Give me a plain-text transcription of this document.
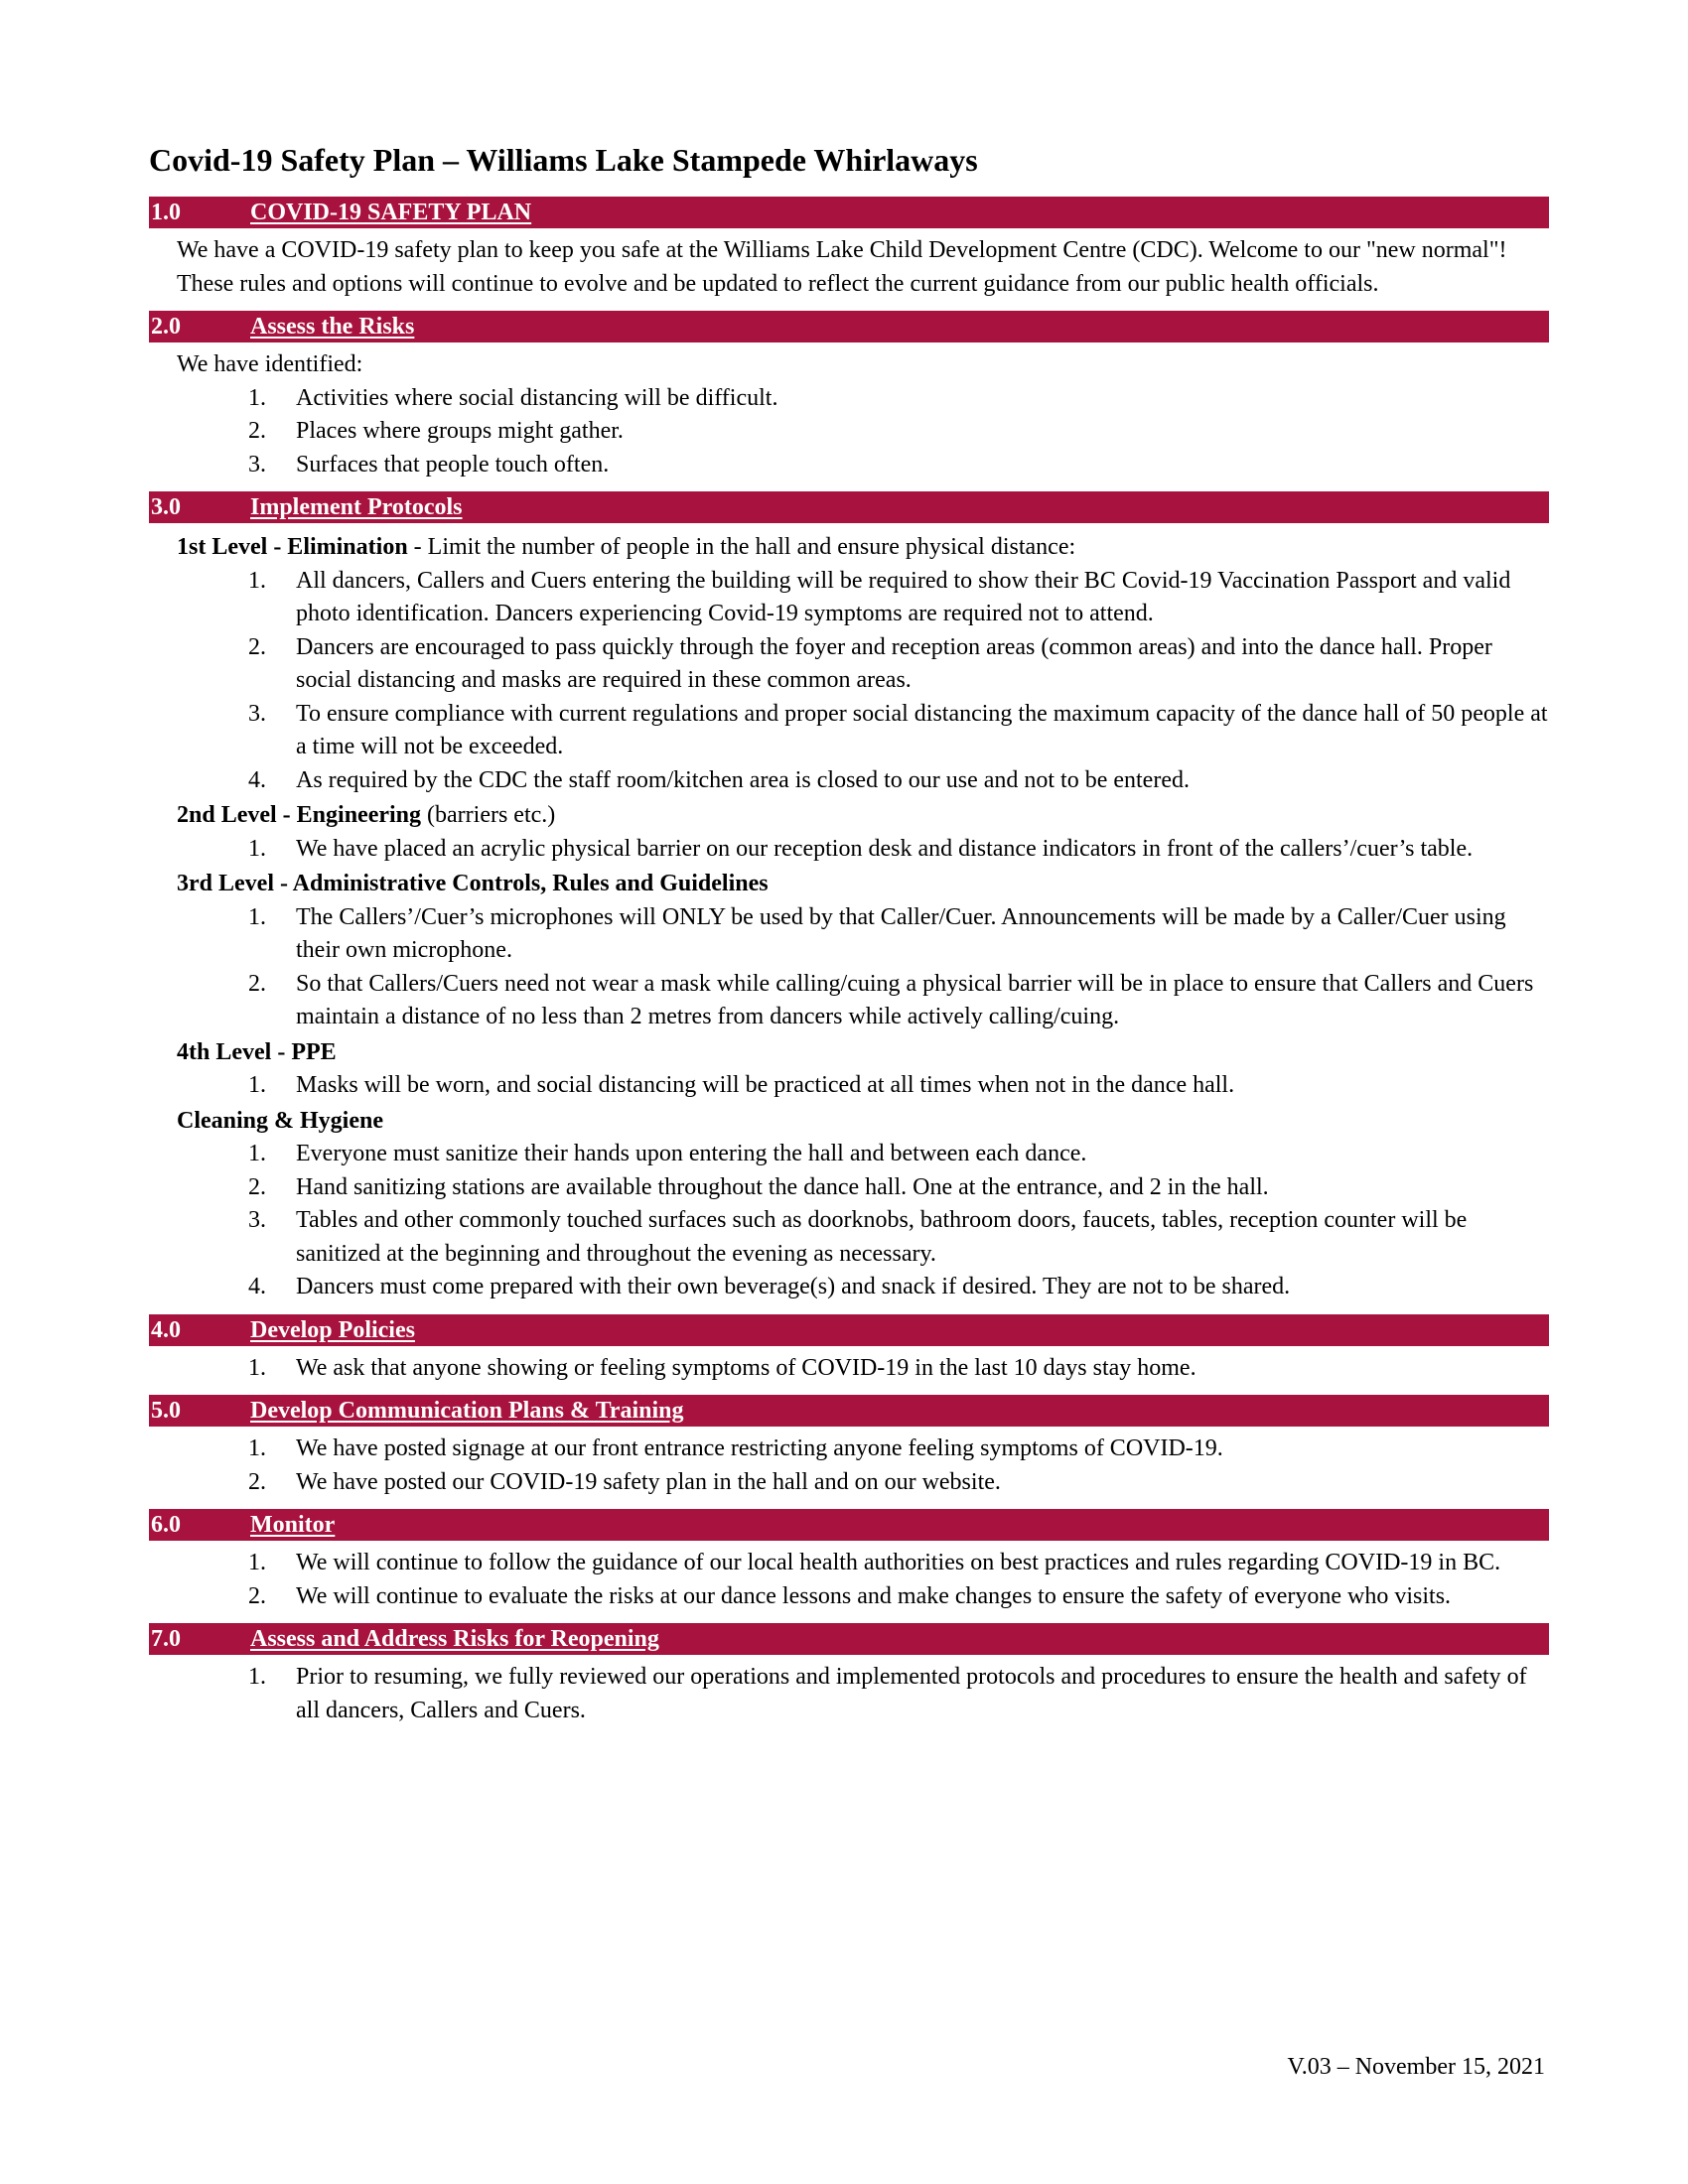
Covid-19 Safety Plan – Williams Lake Stampede Whirlaways
1.0	COVID-19 SAFETY PLAN

We have a COVID-19 safety plan to keep you safe at the Williams Lake Child Development Centre (CDC). Welcome to our "new normal"! These rules and options will continue to evolve and be updated to reflect the current guidance from our public health officials.

2.0	Assess the Risks

We have identified:

1. Activities where social distancing will be difficult.
2. Places where groups might gather.
3. Surfaces that people touch often.
3.0	Implement Protocols
1st Level - Elimination - Limit the number of people in the hall and ensure physical distance:
1. All dancers, Callers and Cuers entering the building will be required to show their BC Covid-19 Vaccination Passport and valid photo identification. Dancers experiencing Covid-19 symptoms are required not to attend.
2. Dancers are encouraged to pass quickly through the foyer and reception areas (common areas) and into the dance hall. Proper social distancing and masks are required in these common areas.
3. To ensure compliance with current regulations and proper social distancing the maximum capacity of the dance hall of 50 people at a time will not be exceeded.
4. As required by the CDC the staff room/kitchen area is closed to our use and not to be entered.
2nd Level - Engineering (barriers etc.)
1. We have placed an acrylic physical barrier on our reception desk and distance indicators in front of the callers’/cuer’s table.
3rd Level - Administrative Controls, Rules and Guidelines
1. The Callers’/Cuer’s microphones will ONLY be used by that Caller/Cuer. Announcements will be made by a Caller/Cuer using their own microphone.
2. So that Callers/Cuers need not wear a mask while calling/cuing a physical barrier will be in place to ensure that Callers and Cuers maintain a distance of no less than 2 metres from dancers while actively calling/cuing.
4th Level - PPE
1. Masks will be worn, and social distancing will be practiced at all times when not in the dance hall.
Cleaning & Hygiene
1. Everyone must sanitize their hands upon entering the hall and between each dance.
2. Hand sanitizing stations are available throughout the dance hall. One at the entrance, and 2 in the hall.
3. Tables and other commonly touched surfaces such as doorknobs, bathroom doors, faucets, tables, reception counter will be sanitized at the beginning and throughout the evening as necessary.
4. Dancers must come prepared with their own beverage(s) and snack if desired. They are not to be shared.
4.0	Develop Policies
1. We ask that anyone showing or feeling symptoms of COVID-19 in the last 10 days stay home.
5.0	Develop Communication Plans & Training
1. We have posted signage at our front entrance restricting anyone feeling symptoms of COVID-19.
2. We have posted our COVID-19 safety plan in the hall and on our website.
6.0	Monitor
1. We will continue to follow the guidance of our local health authorities on best practices and rules regarding COVID-19 in BC.
2. We will continue to evaluate the risks at our dance lessons and make changes to ensure the safety of everyone who visits.
7.0	Assess and Address Risks for Reopening
1. Prior to resuming, we fully reviewed our operations and implemented protocols and procedures to ensure the health and safety of all dancers, Callers and Cuers.
V.03 – November 15, 2021
